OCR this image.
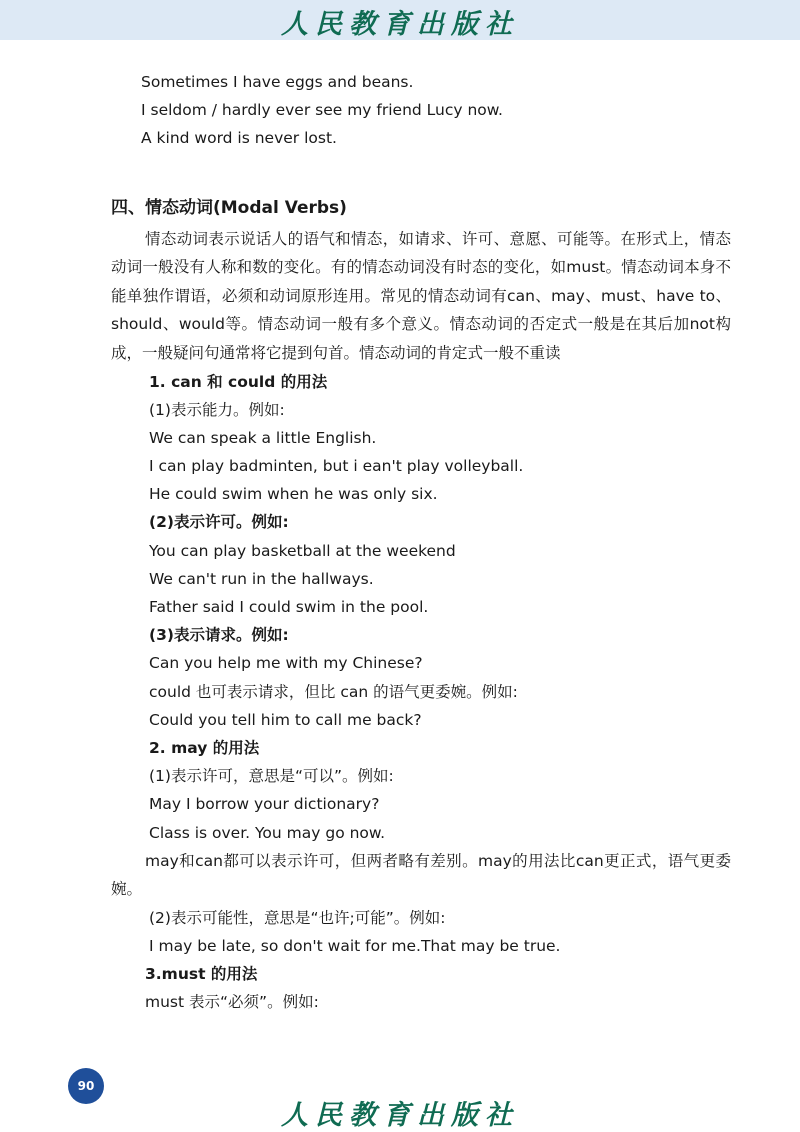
人民教育出版社
Sometimes I have eggs and beans.
I seldom / hardly ever see my friend Lucy now.
A kind word is never lost.
四、情态动词(Modal Verbs)
情态动词表示说话人的语气和情态，如请求、许可、意愿、可能等。在形式上，情态动词一般没有人称和数的变化。有的情态动词没有时态的变化，如must。情态动词本身不能单独作谓语，必须和动词原形连用。常见的情态动词有can、may、must、have to、should、would等。情态动词一般有多个意义。情态动词的否定式一般是在其后加not构成，一般疑问句通常将它提到句首。情态动词的肯定式一般不重读
1. can 和 could 的用法
(1)表示能力。例如:
We can speak a little English.
I can play badminten, but i ean't play volleyball.
He could swim when he was only six.
(2)表示许可。例如:
You can play basketball at the weekend
We can't run in the hallways.
Father said I could swim in the pool.
(3)表示请求。例如:
Can you help me with my Chinese?
could 也可表示请求，但比 can 的语气更委婉。例如:
Could you tell him to call me back?
2. may 的用法
(1)表示许可，意思是“可以”。例如:
May I borrow your dictionary?
Class is over. You may go now.
may和can都可以表示许可，但两者略有差别。may的用法比can更正式，语气更委婉。
(2)表示可能性，意思是“也许;可能”。例如:
I may be late, so don't wait for me.That may be true.
3.must 的用法
must 表示“必须”。例如:
90
人民教育出版社
